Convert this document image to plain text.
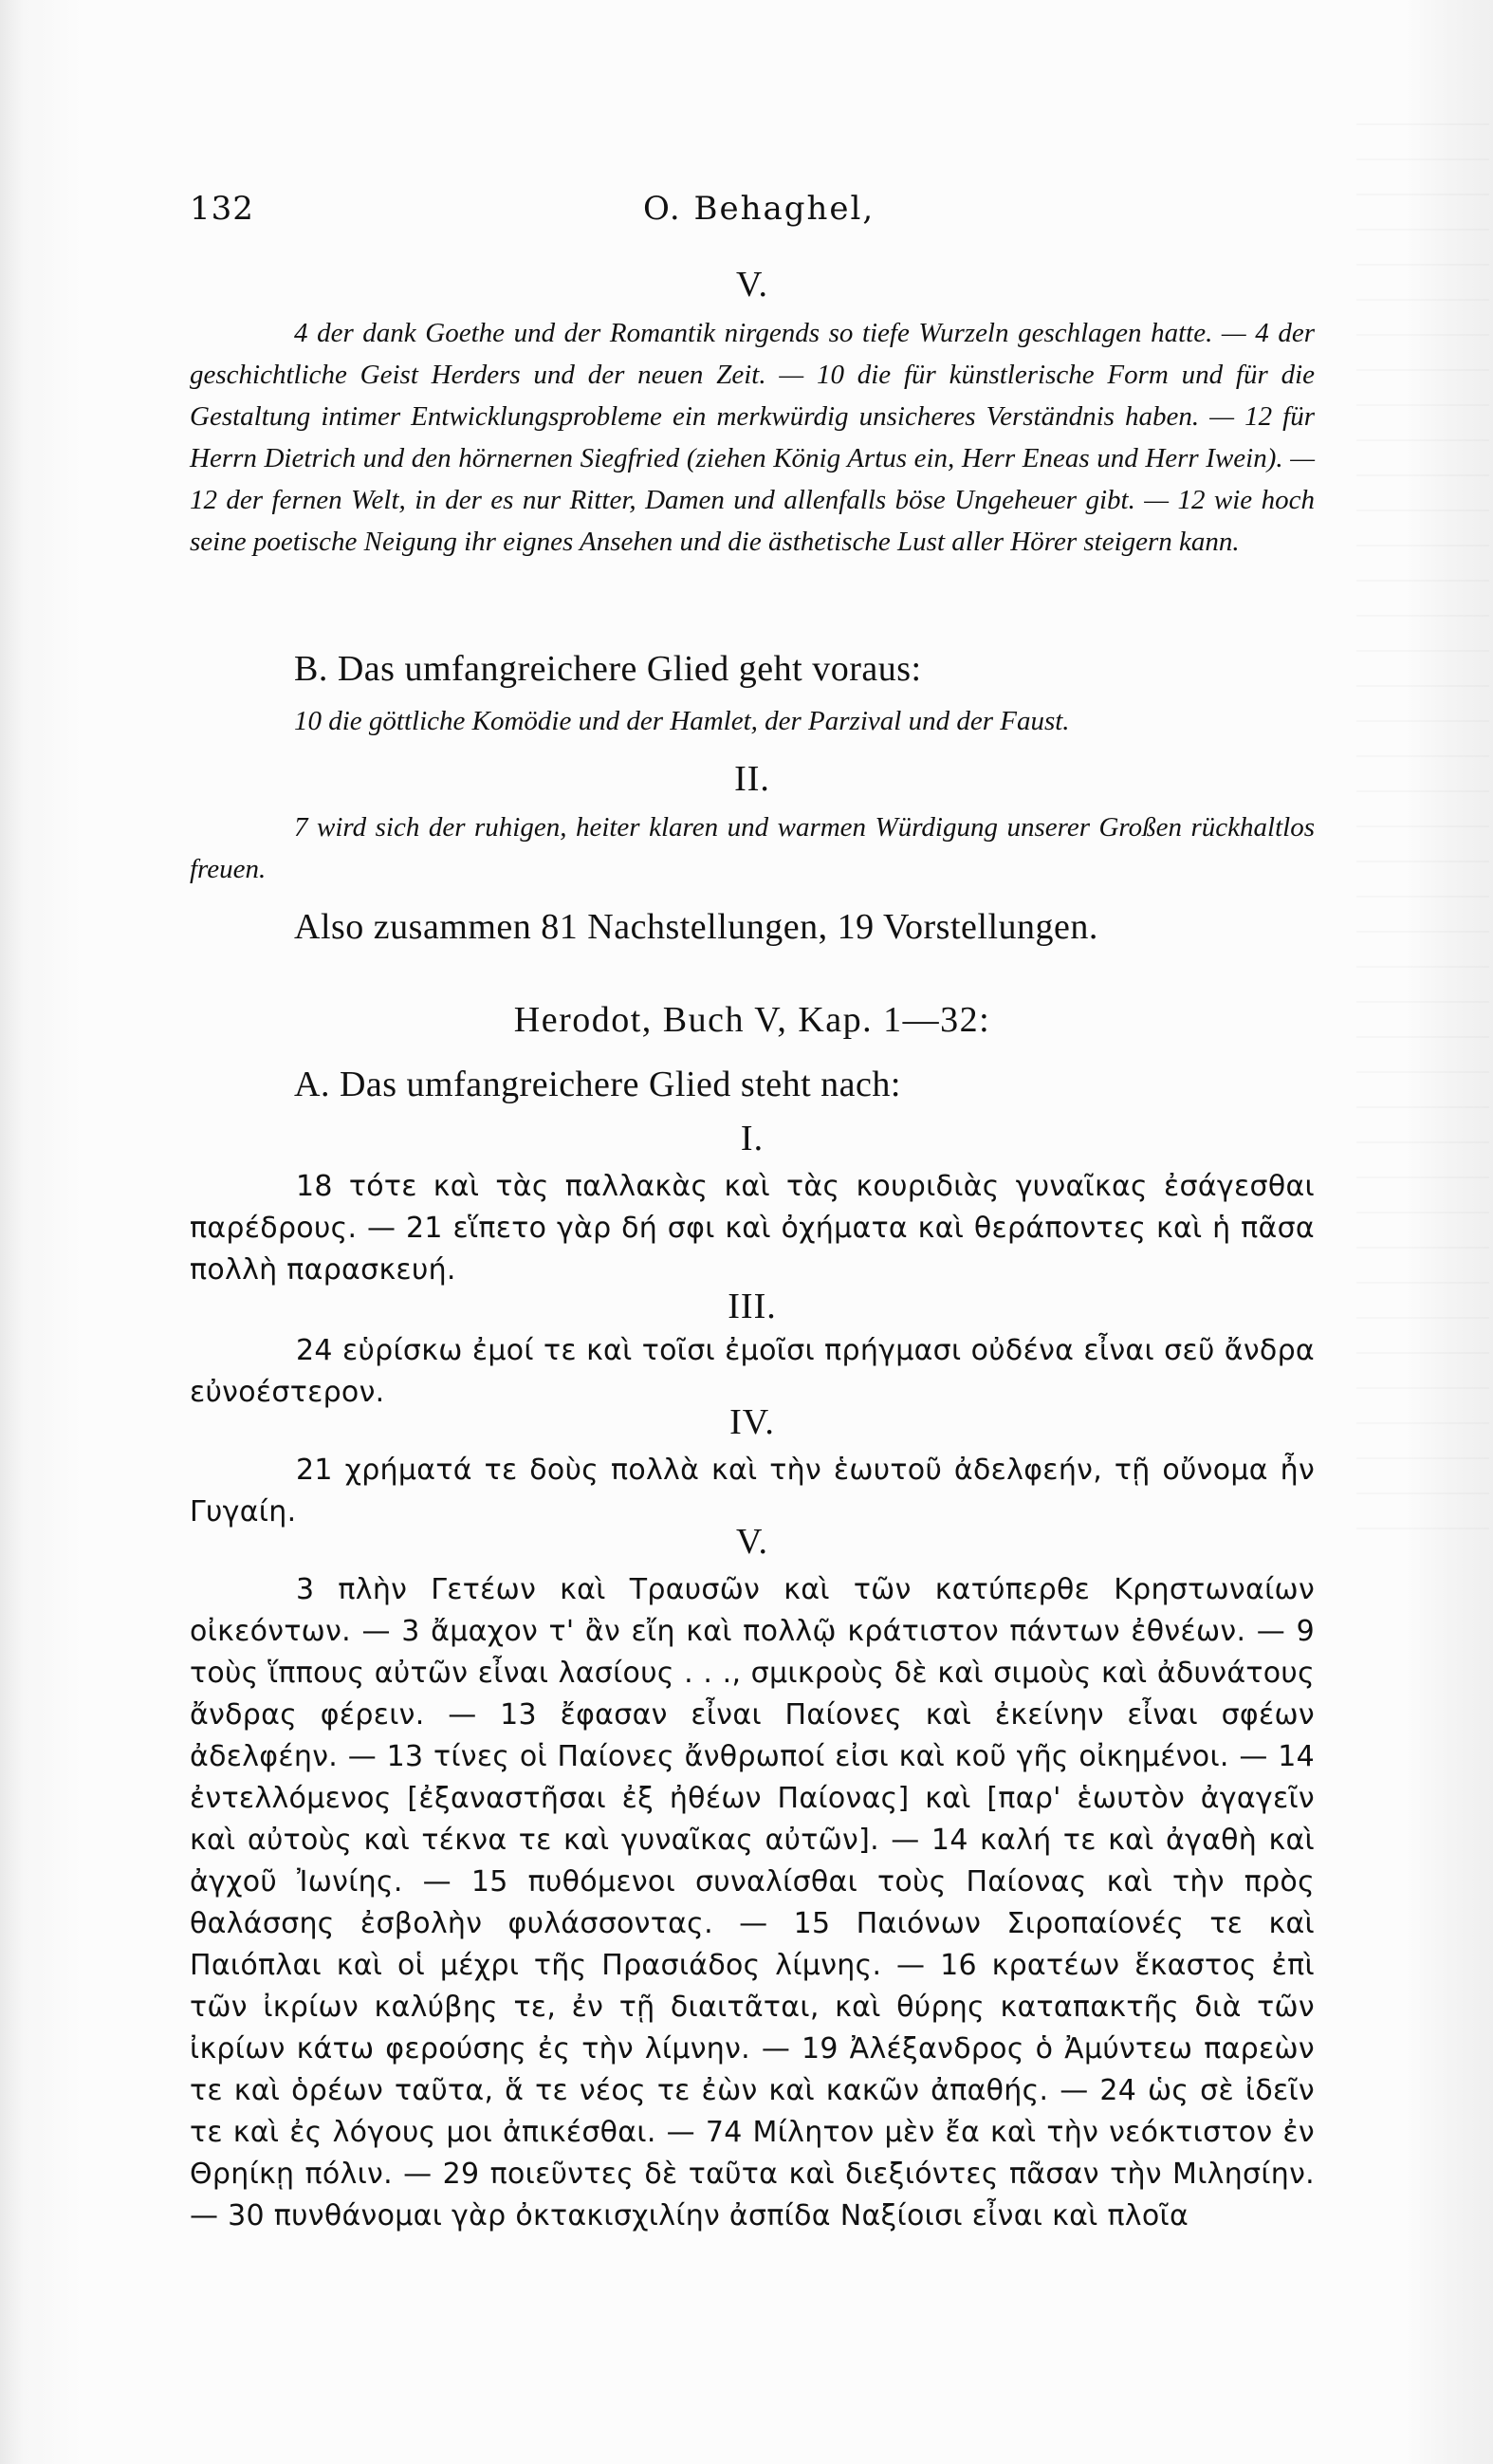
132	O. Behaghel,
V.
4 der dank Goethe und der Romantik nirgends so tiefe Wurzeln geschlagen hatte. — 4 der geschichtliche Geist Herders und der neuen Zeit. — 10 die für künstlerische Form und für die Gestaltung intimer Entwicklungsprobleme ein merkwürdig unsicheres Verständnis haben. — 12 für Herrn Dietrich und den hörnernen Siegfried (ziehen König Artus ein, Herr Eneas und Herr Iwein). — 12 der fernen Welt, in der es nur Ritter, Damen und allenfalls böse Ungeheuer gibt. — 12 wie hoch seine poetische Neigung ihr eignes Ansehen und die ästhetische Lust aller Hörer steigern kann.
B. Das umfangreichere Glied geht voraus:
10 die göttliche Komödie und der Hamlet, der Parzival und der Faust.
II.
7 wird sich der ruhigen, heiter klaren und warmen Würdigung unserer Großen rückhaltlos freuen.
Also zusammen 81 Nachstellungen, 19 Vorstellungen.
Herodot, Buch V, Kap. 1—32:
A. Das umfangreichere Glied steht nach:
I.
18 τότε καὶ τὰς παλλακὰς καὶ τὰς κουριδιὰς γυναῖκας ἐσάγεσθαι παρέδρους. — 21 εἵπετο γὰρ δή σφι καὶ ὀχήματα καὶ θεράποντες καὶ ἡ πᾶσα πολλὴ παρασκευή.
III.
24 εὑρίσκω ἐμοί τε καὶ τοῖσι ἐμοῖσι πρήγμασι οὐδένα εἶναι σεῦ ἄνδρα εὐνοέστερον.
IV.
21 χρήματά τε δοὺς πολλὰ καὶ τὴν ἑωυτοῦ ἀδελφεήν, τῇ οὔνομα ἦν Γυγαίη.
V.
3 πλὴν Γετέων καὶ Τραυσῶν καὶ τῶν κατύπερθε Κρηστωναίων οἰκεόντων. — 3 ἄμαχον τ' ἂν εἴη καὶ πολλῷ κράτιστον πάντων ἐθνέων. — 9 τοὺς ἵππους αὐτῶν εἶναι λασίους . . ., σμικροὺς δὲ καὶ σιμοὺς καὶ ἀδυνάτους ἄνδρας φέρειν. — 13 ἔφασαν εἶναι Παίονες καὶ ἐκείνην εἶναι σφέων ἀδελφέην. — 13 τίνες οἱ Παίονες ἄνθρωποί εἰσι καὶ κοῦ γῆς οἰκημένοι. — 14 ἐντελλόμενος [ἐξαναστῆσαι ἐξ ἠθέων Παίονας] καὶ [παρ' ἑωυτὸν ἀγαγεῖν καὶ αὐτοὺς καὶ τέκνα τε καὶ γυναῖκας αὐτῶν]. — 14 καλή τε καὶ ἀγαθὴ καὶ ἀγχοῦ Ἰωνίης. — 15 πυθόμενοι συναλίσθαι τοὺς Παίονας καὶ τὴν πρὸς θαλάσσης ἐσβολὴν φυλάσσοντας. — 15 Παιόνων Σιροπαίονές τε καὶ Παιόπλαι καὶ οἱ μέχρι τῆς Πρασιάδος λίμνης. — 16 κρατέων ἕκαστος ἐπὶ τῶν ἰκρίων καλύβης τε, ἐν τῇ διαιτᾶται, καὶ θύρης καταπακτῆς διὰ τῶν ἰκρίων κάτω φερούσης ἐς τὴν λίμνην. — 19 Ἀλέξανδρος ὁ Ἀμύντεω παρεὼν τε καὶ ὁρέων ταῦτα, ἅ τε νέος τε ἐὼν καὶ κακῶν ἀπαθής. — 24 ὡς σὲ ἰδεῖν τε καὶ ἐς λόγους μοι ἀπικέσθαι. — 74 Μίλητον μὲν ἔα καὶ τὴν νεόκτιστον ἐν Θρηίκῃ πόλιν. — 29 ποιεῦντες δὲ ταῦτα καὶ διεξιόντες πᾶσαν τὴν Μιλησίην. — 30 πυνθάνομαι γὰρ ὀκτακισχιλίην ἀσπίδα Ναξίοισι εἶναι καὶ πλοῖα
